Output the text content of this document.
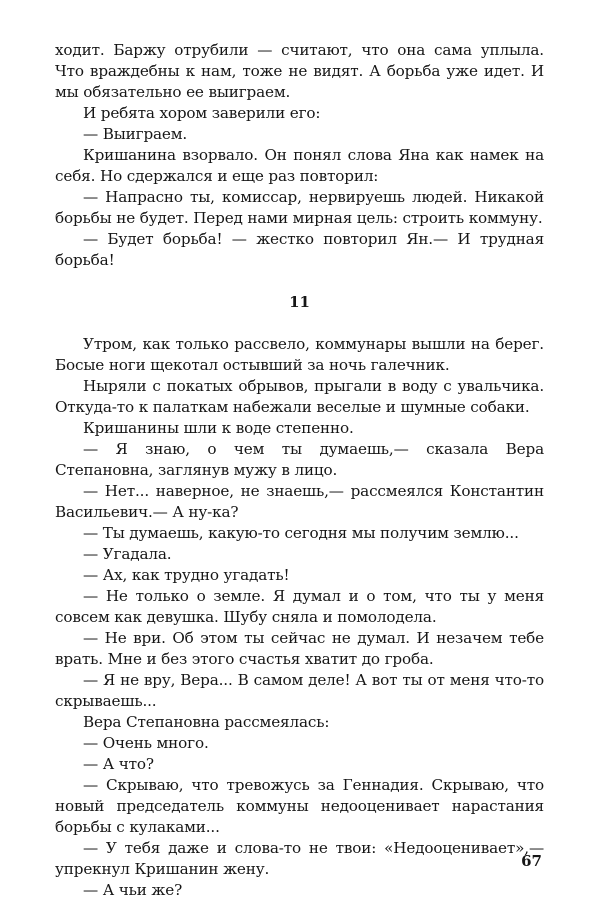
ходит. Баржу отрубили — считают, что она сама уплыла. Что враждебны к нам, тоже не видят. А борьба уже идет. И мы обязательно ее выиграем.

И ребята хором заверили его:

— Выиграем.

Кришанина взорвало. Он понял слова Яна как намек на себя. Но сдержался и еще раз повторил:

— Напрасно ты, комиссар, нервируешь людей. Никакой борьбы не будет. Перед нами мирная цель: строить коммуну.

— Будет борьба! — жестко повторил Ян.— И трудная борьба!

11

Утром, как только рассвело, коммунары вышли на берег. Босые ноги щекотал остывший за ночь галечник.

Ныряли с покатых обрывов, прыгали в воду с увальчика. Откуда-то к палаткам набежали веселые и шумные собаки.

Кришанины шли к воде степенно.

— Я знаю, о чем ты думаешь,— сказала Вера Степановна, заглянув мужу в лицо.

— Нет... наверное, не знаешь,— рассмеялся Константин Васильевич.— А ну-ка?

— Ты думаешь, какую-то сегодня мы получим землю...

— Угадала.

— Ах, как трудно угадать!

— Не только о земле. Я думал и о том, что ты у меня совсем как девушка. Шубу сняла и помолодела.

— Не ври. Об этом ты сейчас не думал. И незачем тебе врать. Мне и без этого счастья хватит до гроба.

— Я не вру, Вера... В самом деле! А вот ты от меня что-то скрываешь...

Вера Степановна рассмеялась:

— Очень много.

— А что?

— Скрываю, что тревожусь за Геннадия. Скрываю, что новый председатель коммуны недооценивает нарастания борьбы с кулаками...

— У тебя даже и слова-то не твои: «Недооценивает»,— упрекнул Кришанин жену.

— А чьи же?

67
